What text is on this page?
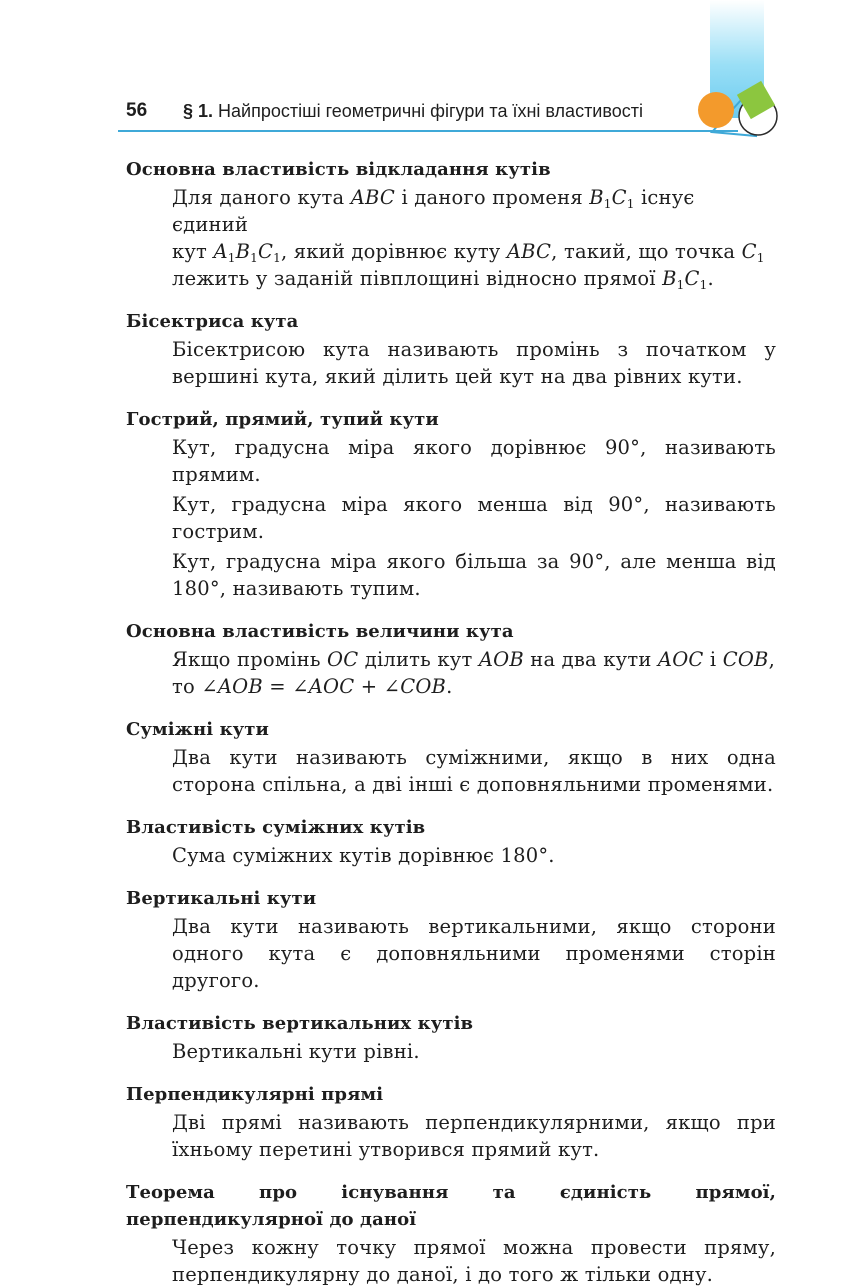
56 § 1. Найпростіші геометричні фігури та їхні властивості
Основна властивість відкладання кутів
Для даного кута ABC і даного променя $B_1C_1$ існує єдиний
кут $A_1B_1C_1$, який дорівнює куту ABC, такий, що точка $C_1$
лежить у заданій півплощині відносно прямої $B_1C_1$.
Бісектриса кута
Бісектрисою кута називають промінь з початком у вершині кута, який ділить цей кут на два рівних кути.
Гострий, прямий, тупий кути
Кут, градусна міра якого дорівнює 90°, називають прямим.
Кут, градусна міра якого менша від 90°, називають гострим.
Кут, градусна міра якого більша за 90°, але менша від 180°, називають тупим.
Основна властивість величини кута
Якщо промінь OC ділить кут AOB на два кути AOC і COB,
то ∠AOB = ∠AOC + ∠COB.
Суміжні кути
Два кути називають суміжними, якщо в них одна сторона спільна, а дві інші є доповняльними променями.
Властивість суміжних кутів
Сума суміжних кутів дорівнює 180°.
Вертикальні кути
Два кути називають вертикальними, якщо сторони одного кута є доповняльними променями сторін другого.
Властивість вертикальних кутів
Вертикальні кути рівні.
Перпендикулярні прямі
Дві прямі називають перпендикулярними, якщо при їхньому перетині утворився прямий кут.
Теорема про існування та єдиність прямої, перпендикулярної до даної
Через кожну точку прямої можна провести пряму, перпендикулярну до даної, і до того ж тільки одну.
